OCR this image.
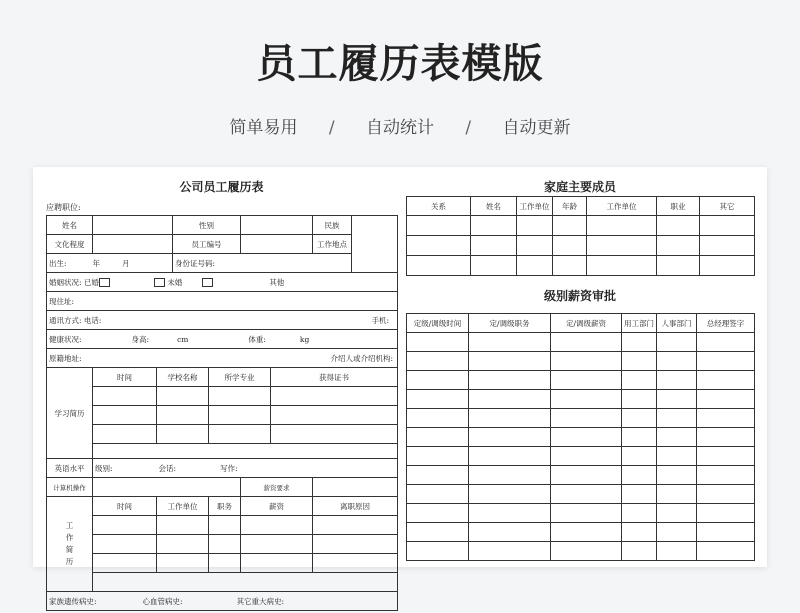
员工履历表模版
简单易用 / 自动统计 / 自动更新
公司员工履历表
应聘职位:
姓名			性别				民族	
文化程度			员工编号				工作地点	
出生: 年 月			身份证号码:					
婚姻状况: 已婚 未婚 其他								
现住址:								
通讯方式: 电话: 手机:								

健康状况: 身高: cm 体重: kg								
原籍地址: 介绍人或介绍机构:								

学习简历	时间	学校名称		所学专业		获得证书		

英语水平	级别: 会话: 写作:							
计算机操作					薪资要求			
工作简历	时间	工作单位		职务	薪资		离职原因	

家族遗传病史: 心血管病史: 其它重大病史:								
家庭主要成员
关系	姓名	工作单位	年龄	工作单位	职业	其它

级别薪资审批
定级/调级时间	定/调级职务	定/调级薪资	用工部门	人事部门	总经理签字
